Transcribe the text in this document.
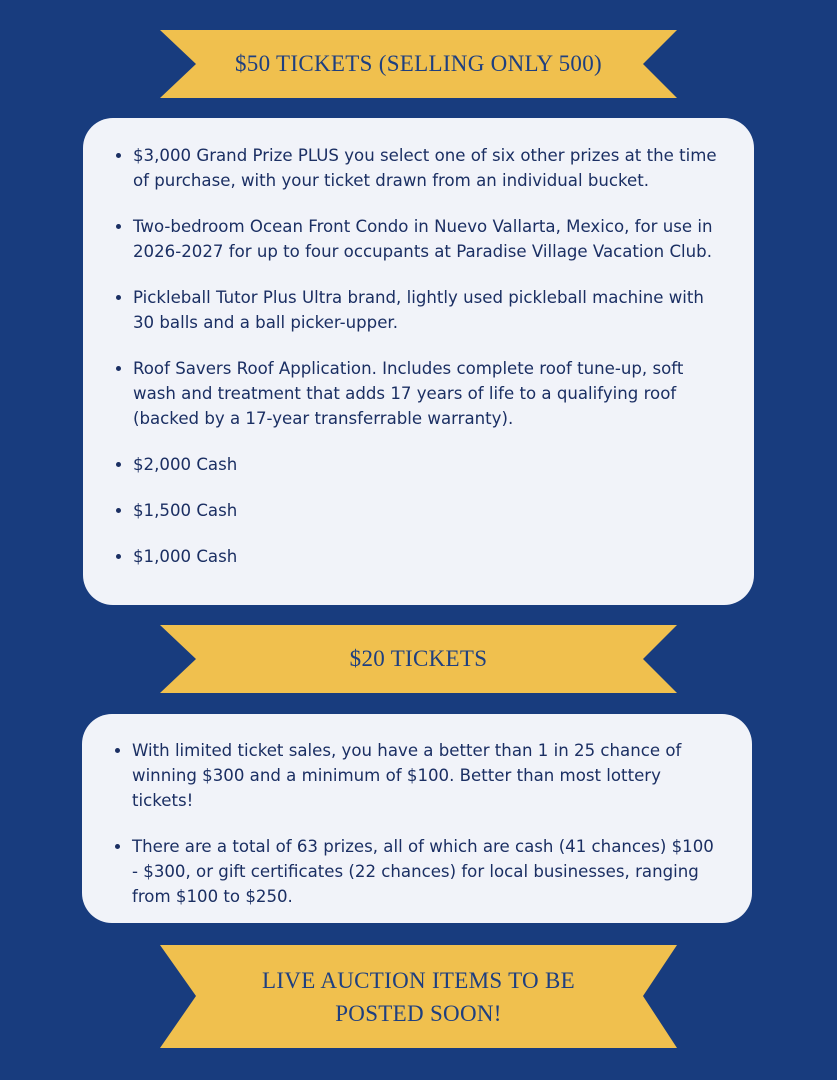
$50 TICKETS (SELLING ONLY 500)
$3,000 Grand Prize PLUS you select one of six other prizes at the time of purchase, with your ticket drawn from an individual bucket.
Two-bedroom Ocean Front Condo in Nuevo Vallarta, Mexico, for use in 2026-2027 for up to four occupants at Paradise Village Vacation Club.
Pickleball Tutor Plus Ultra brand, lightly used pickleball machine with 30 balls and a ball picker-upper.
Roof Savers Roof Application. Includes complete roof tune-up, soft wash and treatment that adds 17 years of life to a qualifying roof (backed by a 17-year transferrable warranty).
$2,000 Cash
$1,500 Cash
$1,000 Cash
$20 TICKETS
With limited ticket sales, you have a better than 1 in 25 chance of winning $300 and a minimum of $100. Better than most lottery tickets!
There are a total of 63 prizes, all of which are cash (41 chances) $100 - $300, or gift certificates (22 chances) for local businesses, ranging from $100 to $250.
LIVE AUCTION ITEMS TO BE
POSTED SOON!
